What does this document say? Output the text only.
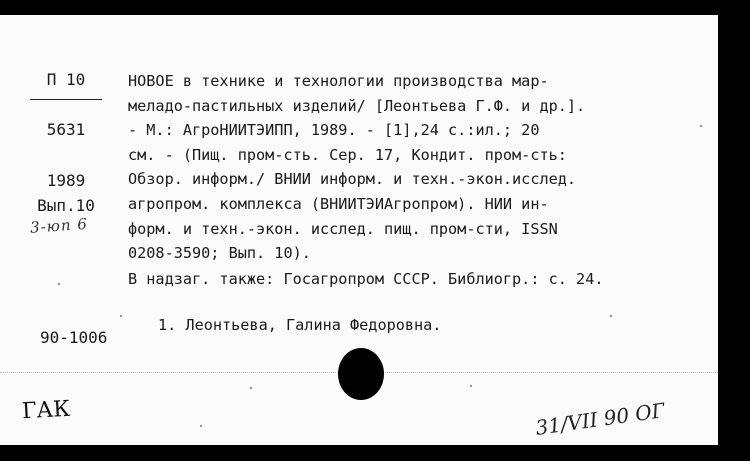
П 10
5631
1989
Вып.10
3-юп 6
90-1006
НОВОЕ в технике и технологии производства мар-
меладо-пастильных изделий/ [Леонтьева Г.Ф. и др.].
- М.: АгроНИИТЭИПП, 1989. - [1],24 с.:ил.; 20
см. - (Пищ. пром-сть. Сер. 17, Кондит. пром-сть:
Обзор. информ./ ВНИИ информ. и техн.-экон.исслед.
агропром. комплекса (ВНИИТЭИАгропром). НИИ ин-
форм. и техн.-экон. исслед. пищ. пром-сти, ISSN
0208-3590; Вып. 10).
В надзаг. также: Госагропром СССР. Библиогр.: с. 24.
1. Леонтьева, Галина Федоровна.
ГАК	31/VII 90 ОГ
